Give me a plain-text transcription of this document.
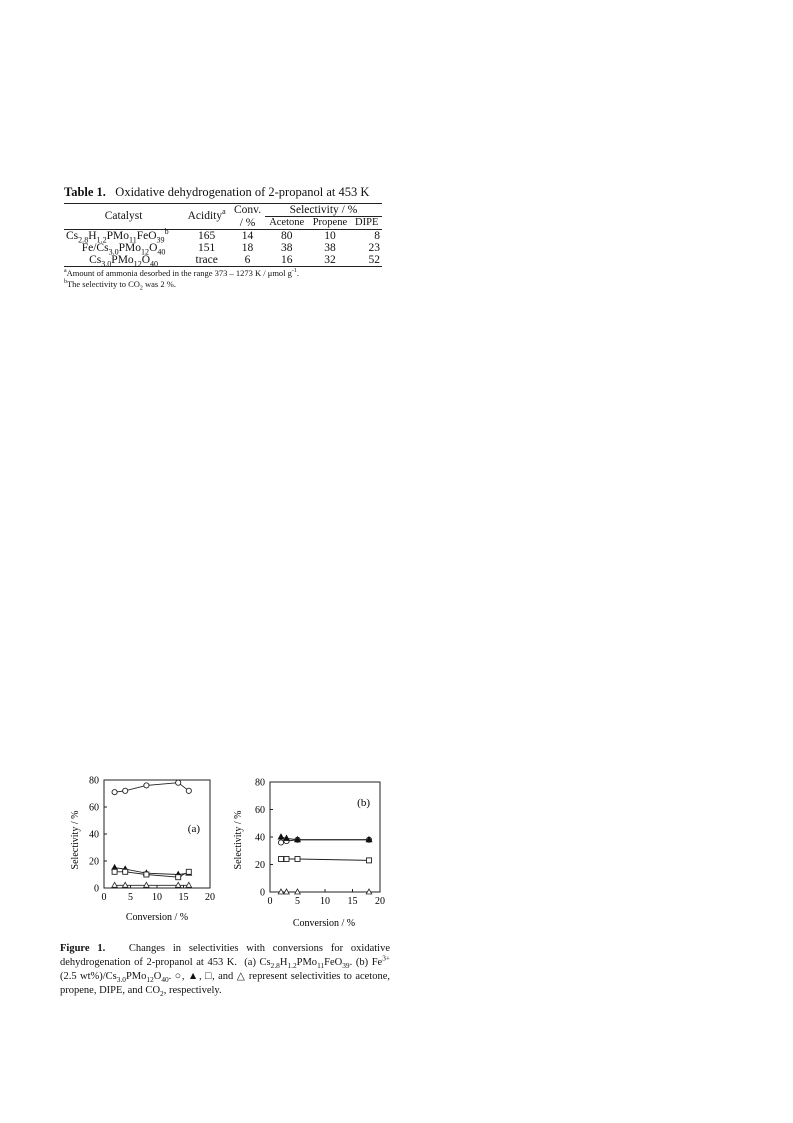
Table 1. Oxidative dehydrogenation of 2-propanol at 453 K
Catalyst	Acidity$^a$	Conv.	Selectivity / %		
		/ %	Acetone	Propene	DIPE
$Cs_{2.8}H_{1.2}PMo_{11}FeO_{39}^b$	165	14	80	10	8
$Fe/Cs_{3.0}PMo_{12}O_{40}$	151	18	38	38	23
$Cs_{3.0}PMo_{12}O_{40}$	trace	6	16	32	52
$^a$Amount of ammonia desorbed in the range 373 – 1273 K / μmol $g^{-1}$.
$^b$The selectivity to $CO_2$ was 2 %.
Selectivity / %
Conversion / %
(a)
0 5 10 15 20
0
20
40
60
80
Selectivity / %
Conversion / %
(b)
0 5 10 15 20
0
20
40
60
80
Figure 1. Changes in selectivities with conversions for oxidative dehydrogenation of 2-propanol at 453 K. (a) $Cs_{2.8}H_{1.2}PMo_{11}FeO_{39}$. (b) $Fe^{3+}(2.5$ $wt\%)/Cs_{3.0}PMo_{12}O_{40}$. ○, ▲, □, and △ represent selectivities to acetone, propene, DIPE, and $CO_2$, respectively.
